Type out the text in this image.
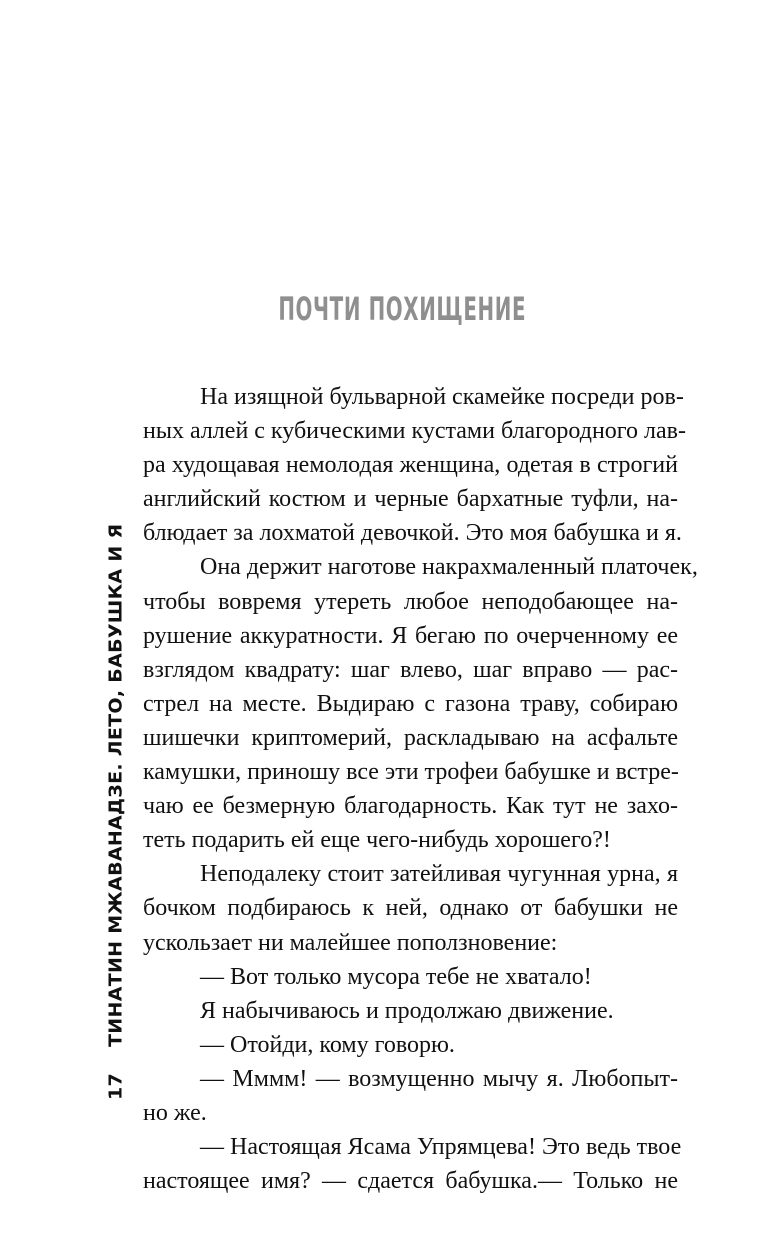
ПОЧТИ ПОХИЩЕНИЕ
17ТИНАТИН МЖАВАНАДЗЕ. ЛЕТО, БАБУШКА И Я
На изящной бульварной скамейке посреди ров-
ных аллей с кубическими кустами благородного лав-
ра худощавая немолодая женщина, одетая в строгий
английский костюм и черные бархатные туфли, на-
блюдает за лохматой девочкой. Это моя бабушка и я.
Она держит наготове накрахмаленный платочек,
чтобы вовремя утереть любое неподобающее на-
рушение аккуратности. Я бегаю по очерченному ее
взглядом квадрату: шаг влево, шаг вправо — рас-
стрел на месте. Выдираю с газона траву, собираю
шишечки криптомерий, раскладываю на асфальте
камушки, приношу все эти трофеи бабушке и встре-
чаю ее безмерную благодарность. Как тут не захо-
теть подарить ей еще чего-нибудь хорошего?!
Неподалеку стоит затейливая чугунная урна, я
бочком подбираюсь к ней, однако от бабушки не
ускользает ни малейшее поползновение:
— Вот только мусора тебе не хватало!
Я набычиваюсь и продолжаю движение.
— Отойди, кому говорю.
— Мммм! — возмущенно мычу я. Любопыт-
но же.
— Настоящая Ясама Упрямцева! Это ведь твое
настоящее имя? — сдается бабушка.— Только не
